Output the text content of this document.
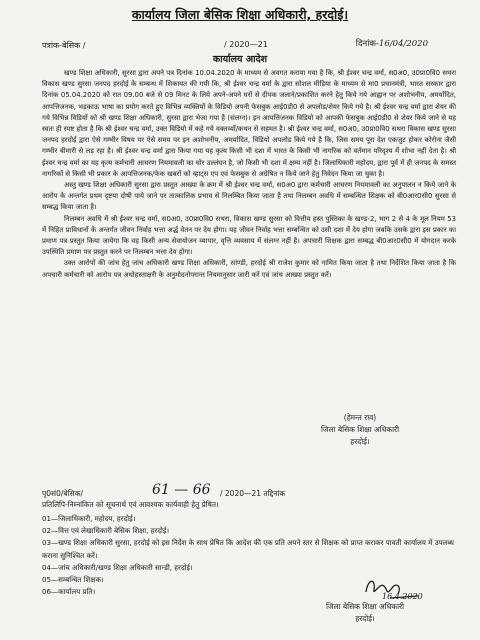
कार्यालय जिला बेसिक शिक्षा अधिकारी, हरदोई।
पत्रांक-बेसिक /	/ 2020—21	दिनांक-16/04/2020
कार्यालय आदेश

खण्ड शिक्षा अधिकारी, सुरसा द्वारा अपने पत्र दिनांक 10.04.2020 के माध्यम से अवगत कराया गया है कि, श्री ईश्वर चन्द्र वर्मा, स0अ0, उ0प्रा0वि0 सथरा विकास खण्ड सुरसा जनपद हरदोई के सम्बन्ध में शिकायत की गयी कि, श्री ईश्वर चन्द्र वर्मा के द्वारा सोशल मीडिया के माध्यम से मा0 प्रधानमंत्री, भारत सरकार द्वारा दिनांक 05.04.2020 को रात 09.00 बजे से 09 मिनट के लिये अपने-अपने घरों से दीपक जलाने/प्रकाशित करने हेतु किये गये आह्वान पर अशोभनीय, अमर्यादित, आपत्तिजनक, भड़काऊ भाषा का प्रयोग करते हुए विभिन्न व्यक्तियों के विडियो अपनी फेसबुक आई0डी0 से अपलोड/शेयर किये गये है। श्री ईश्वर चन्द्र वर्मा द्वारा शेयर की गये विभिन्न विडियों को श्री खण्ड शिक्षा अधिकारी, सुरसा द्वारा भेजा गया है (संलग्न)। इन आपत्तिजनक विडियो को आपकी फेसबुक आई0डी0 से शेयर किये जाने से यह स्वतः ही स्पष्ट होता है कि श्री ईश्वर चन्द्र वर्मा, उक्त विडियो में कहे गये वक्तव्यों/कथन से सहमत है। श्री ईश्वर चन्द्र वर्मा, स0अ0, उ0प्रा0वि0 सथरा विकास खण्ड सुरसा जनपद हरदोई द्वारा ऐसे गम्भीर विषय पर ऐसे समय पर इन अशोभनीय, अमर्यादित, विडियो अपलोड किये गये है कि, जिस समय पूरा देश एकजुट होकर कोरोना जैसी गम्भीर बीमारी से लड़ रहा है। श्री ईश्वर चन्द्र वर्मा द्वारा किया गया यह कृत्य किसी भी दशा में भारत के किसी भी नागरिक को वर्तमान परिदृश्य में शोभा नहीं देता है। श्री ईश्वर चन्द्र वर्मा का यह कृत्य कर्मचारी आचरण नियमावली का घोर उल्लंघन है, जो किसी भी दशा में क्षम्य नहीं है। जिलाधिकारी महोदय, द्वारा पूर्व में ही जनपद के समस्त नागरिकों से किसी भी प्रकार के आपत्तिजनक/फेक खबरों को व्हाट्स एप एवं फेसबुक से अग्रेषित न किये जाने हेतु निवेदन किया जा चुका है।

अस्तु खण्ड शिक्षा अधिकारी सुरसा द्वारा प्रस्तुत आख्या के क्रम में श्री ईश्वर चन्द्र वर्मा, स0अ0 द्वारा कर्मचारी आचरण नियमावली का अनुपालन न किये जाने के आरोप के अन्तर्गत प्रथम दृष्टया दोषी पाये जाने पर तात्कालिक प्रभाव से निलम्बित किया जाता है तथा निलम्बन अवधि में सम्बन्धित शिक्षक को बी0आर0सी0 सुरसा से सम्बद्ध किया जाता है।

निलम्बन अवधि में श्री ईश्वर चन्द्र वर्मा, स0अ0, उ0प्रा0वि0 सथरा, विकास खण्ड सुरसा को वित्तीय हस्त पुस्तिका के खण्ड-2, भाग 2 से 4 के मूल नियम 53 में निहित प्राविधानों के अन्तर्गत जीवन निर्वाह भत्ता अर्द्ध वेतन पर देय होगा। यह जीवन निर्वाह भत्ता सम्बन्धित को उसी दशा में देय होगा जबकि उसके द्वारा इस प्रकार का प्रमाण पत्र प्रस्तुत किया जायेगा कि वह किसी अन्य सेवायोजन व्यापार, वृत्ति व्यवसाय में संलग्न नहीं है। अपचारी शिक्षक द्वारा सम्बद्ध बी0आर0सी0 में योगदान करके उपस्थिति प्रमाण पत्र प्रस्तुत करने पर निलम्बन भत्ता देय होगा।

उक्त आरोपों की जांच हेतु जांच अधिकारी खण्ड शिक्षा अधिकारी, सांण्डी, हरदोई श्री राजेश कुमार को नामित किया जाता है तथा निर्देशित किया जाता है कि अपचारी कर्मचारी को आरोप पत्र अधोहस्ताक्षरी के अनुमोदनोपरान्त नियमानुसार जारी करें एवं जांच आख्या प्रस्तुत करें।

(हेमन्त राव)
जिला बेसिक शिक्षा अधिकारी
हरदोई।
पृ0सं0/बेसिक/	61 — 66 / 2020—21 तद्दिनांक
प्रतिलिपि-निम्नांकित को सूचनार्थ एवं आवश्यक कार्यवाही हेतु प्रेषित।
01—जिलाधिकारी, महोदय, हरदोई।
02—वित्त एवं लेखाधिकारी बेसिक शिक्षा, हरदोई।
03—खण्ड शिक्षा अधिकारी सुरसा, हरदोई को इस निर्देश के साथ प्रेषित कि आदेश की एक प्रति अपने स्तर से शिक्षक को प्राप्त कराकर पावती कार्यालय में उपलब्ध कराना सुनिश्चित करें।
04—जांच अधिकारी/खण्ड शिक्षा अधिकारी सान्डी, हरदोई।
05—सम्बन्धित शिक्षक।
06—कार्यालय प्रति।
16.4.2020
जिला बेसिक शिक्षा अधिकारी
हरदोई।
